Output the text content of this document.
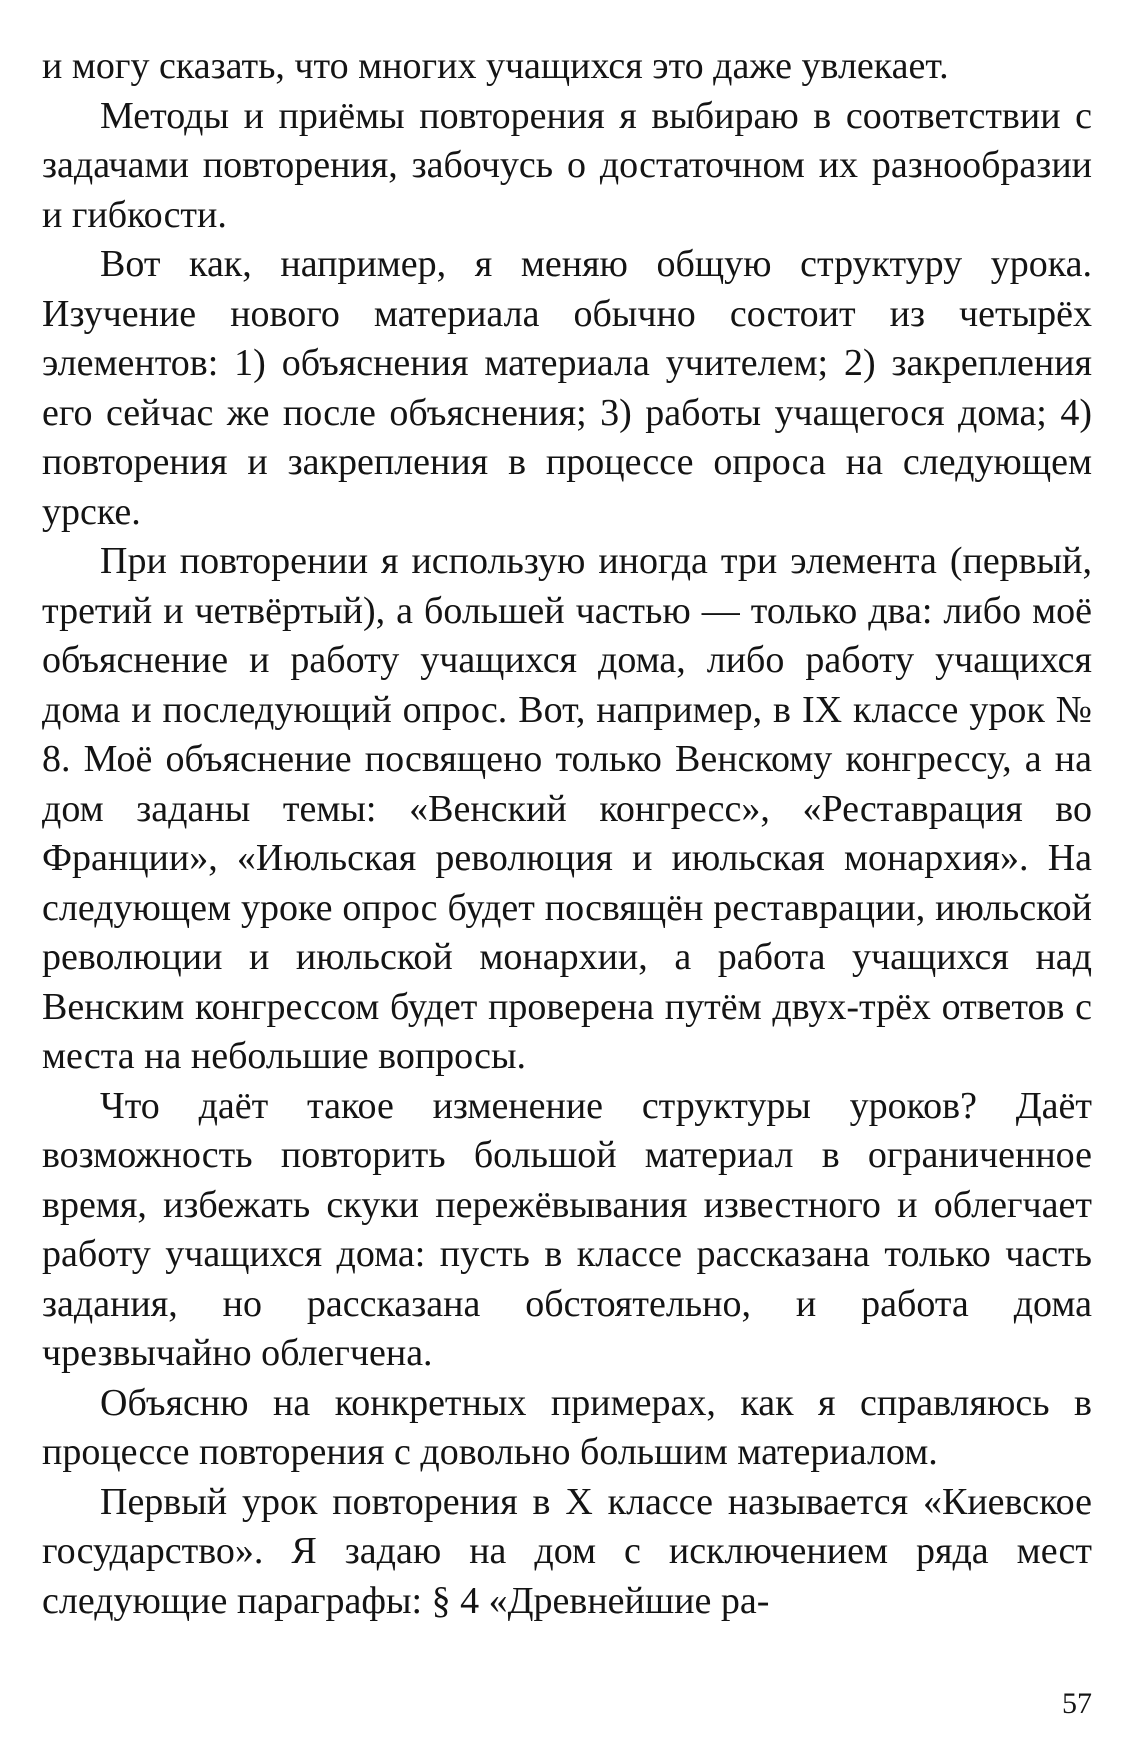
и могу сказать, что многих учащихся это даже увлекает.

Методы и приёмы повторения я выбираю в соответствии с задачами повторения, забочусь о достаточном их разнообразии и гибкости.

Вот как, например, я меняю общую структуру урока. Изучение нового материала обычно состоит из четырёх элементов: 1) объяснения материала учителем; 2) закрепления его сейчас же после объяснения; 3) работы учащегося дома; 4) повторения и закрепления в процессе опроса на следующем урске.

При повторении я использую иногда три элемента (первый, третий и четвёртый), а большей частью — только два: либо моё объяснение и работу учащихся дома, либо работу учащихся дома и последующий опрос. Вот, например, в IX классе урок № 8. Моё объяснение посвящено только Венскому конгрессу, а на дом заданы темы: «Венский конгресс», «Реставрация во Франции», «Июльская революция и июльская монархия». На следующем уроке опрос будет посвящён реставрации, июльской революции и июльской монархии, а работа учащихся над Венским конгрессом будет проверена путём двух-трёх ответов с места на небольшие вопросы.

Что даёт такое изменение структуры уроков? Даёт возможность повторить большой материал в ограниченное время, избежать скуки пережёвывания известного и облегчает работу учащихся дома: пусть в классе рассказана только часть задания, но рассказана обстоятельно, и работа дома чрезвычайно облегчена.

Объясню на конкретных примерах, как я справляюсь в процессе повторения с довольно большим материалом.

Первый урок повторения в X классе называется «Киевское государство». Я задаю на дом с исключением ряда мест следующие параграфы: § 4 «Древнейшие ра-

57
